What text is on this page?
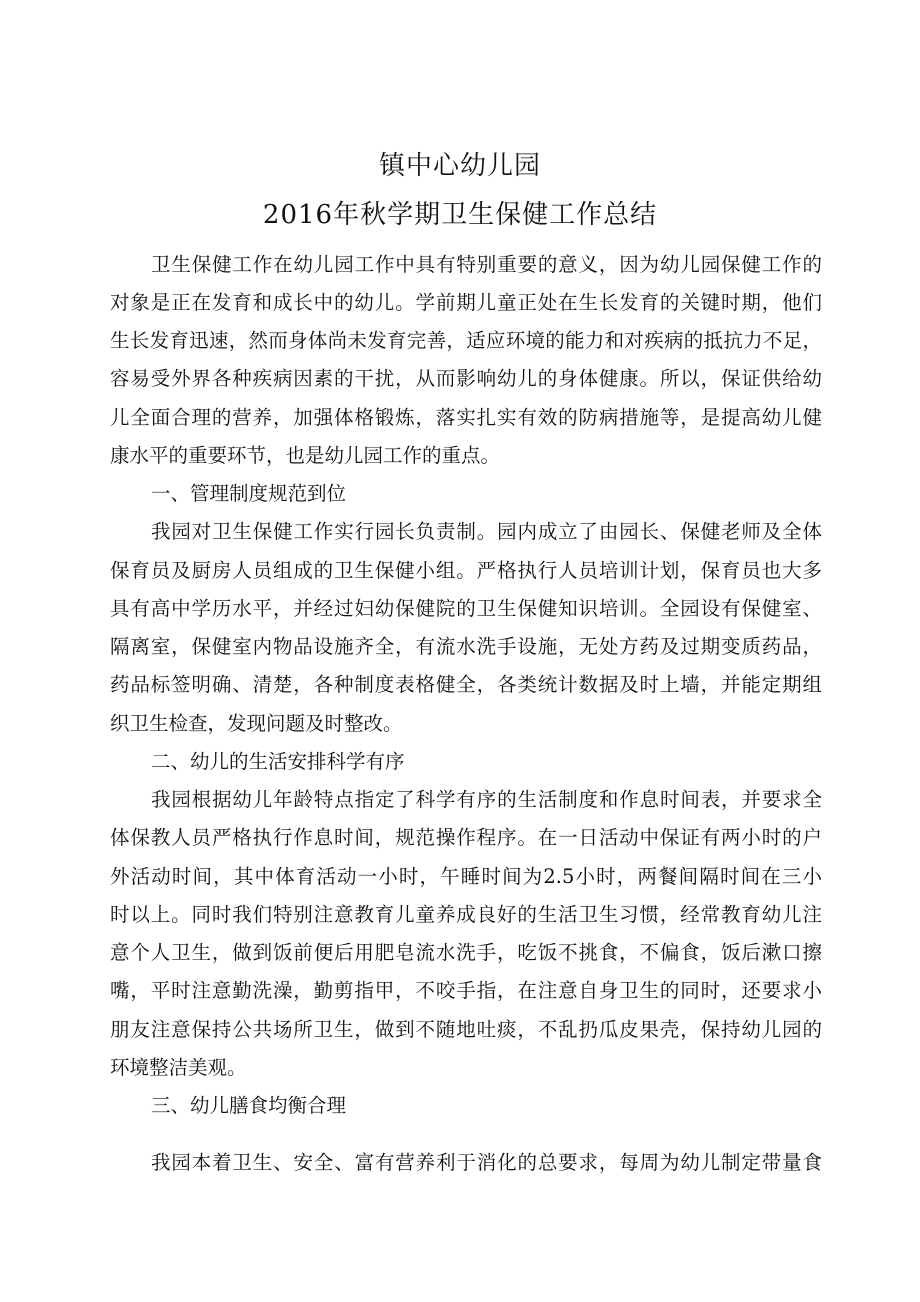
镇中心幼儿园
2016年秋学期卫生保健工作总结
卫生保健工作在幼儿园工作中具有特别重要的意义，因为幼儿园保健工作的
对象是正在发育和成长中的幼儿。学前期儿童正处在生长发育的关键时期，他们
生长发育迅速，然而身体尚未发育完善，适应环境的能力和对疾病的抵抗力不足，
容易受外界各种疾病因素的干扰，从而影响幼儿的身体健康。所以，保证供给幼
儿全面合理的营养，加强体格锻炼，落实扎实有效的防病措施等，是提高幼儿健
康水平的重要环节，也是幼儿园工作的重点。
一、管理制度规范到位
我园对卫生保健工作实行园长负责制。园内成立了由园长、保健老师及全体
保育员及厨房人员组成的卫生保健小组。严格执行人员培训计划，保育员也大多
具有高中学历水平，并经过妇幼保健院的卫生保健知识培训。全园设有保健室、
隔离室，保健室内物品设施齐全，有流水洗手设施，无处方药及过期变质药品，
药品标签明确、清楚，各种制度表格健全，各类统计数据及时上墙，并能定期组
织卫生检查，发现问题及时整改。
二、幼儿的生活安排科学有序
我园根据幼儿年龄特点指定了科学有序的生活制度和作息时间表，并要求全
体保教人员严格执行作息时间，规范操作程序。在一日活动中保证有两小时的户
外活动时间，其中体育活动一小时，午睡时间为2.5小时，两餐间隔时间在三小
时以上。同时我们特别注意教育儿童养成良好的生活卫生习惯，经常教育幼儿注
意个人卫生，做到饭前便后用肥皂流水洗手，吃饭不挑食，不偏食，饭后漱口擦
嘴，平时注意勤洗澡，勤剪指甲，不咬手指，在注意自身卫生的同时，还要求小
朋友注意保持公共场所卫生，做到不随地吐痰，不乱扔瓜皮果壳，保持幼儿园的
环境整洁美观。
三、幼儿膳食均衡合理
我园本着卫生、安全、富有营养利于消化的总要求，每周为幼儿制定带量食
